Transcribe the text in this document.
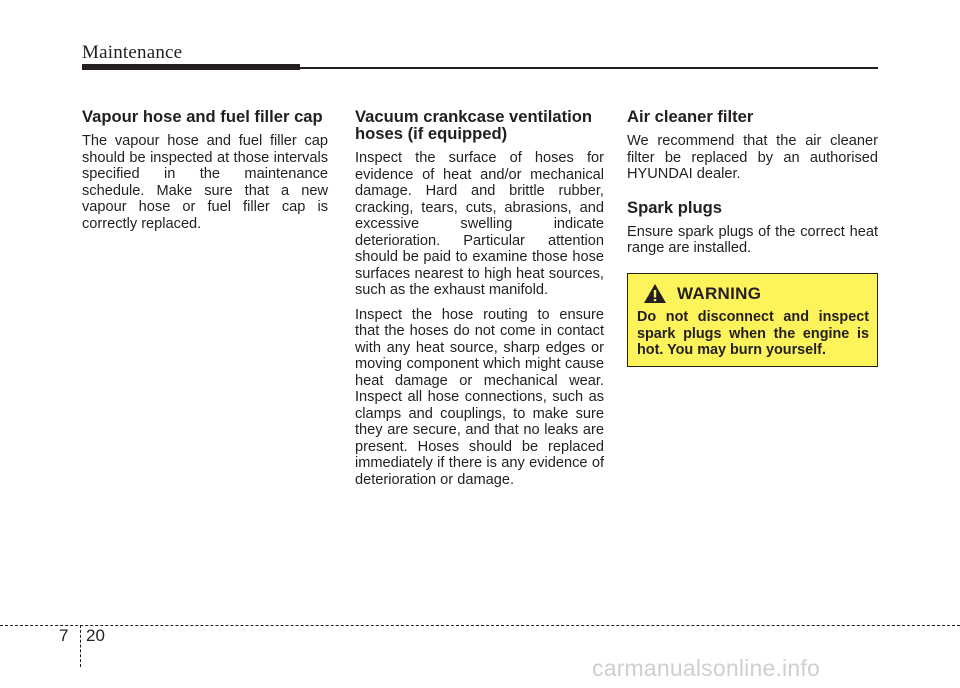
Maintenance
Vapour hose and fuel filler cap

The vapour hose and fuel filler cap should be inspected at those intervals specified in the maintenance schedule. Make sure that a new vapour hose or fuel filler cap is correctly replaced.

Vacuum crankcase ventilation hoses (if equipped)

Inspect the surface of hoses for evidence of heat and/or mechanical damage. Hard and brittle rubber, cracking, tears, cuts, abrasions, and excessive swelling indicate deterioration. Particular attention should be paid to examine those hose surfaces nearest to high heat sources, such as the exhaust manifold.

Inspect the hose routing to ensure that the hoses do not come in contact with any heat source, sharp edges or moving component which might cause heat damage or mechanical wear. Inspect all hose connections, such as clamps and couplings, to make sure they are secure, and that no leaks are present. Hoses should be replaced immediately if there is any evidence of deterioration or damage.

Air cleaner filter

We recommend that the air cleaner filter be replaced by an authorised HYUNDAI dealer.

Spark plugs

Ensure spark plugs of the correct heat range are installed.

WARNING

Do not disconnect and inspect spark plugs when the engine is hot. You may burn yourself.

7 20
carmanualsonline.info
